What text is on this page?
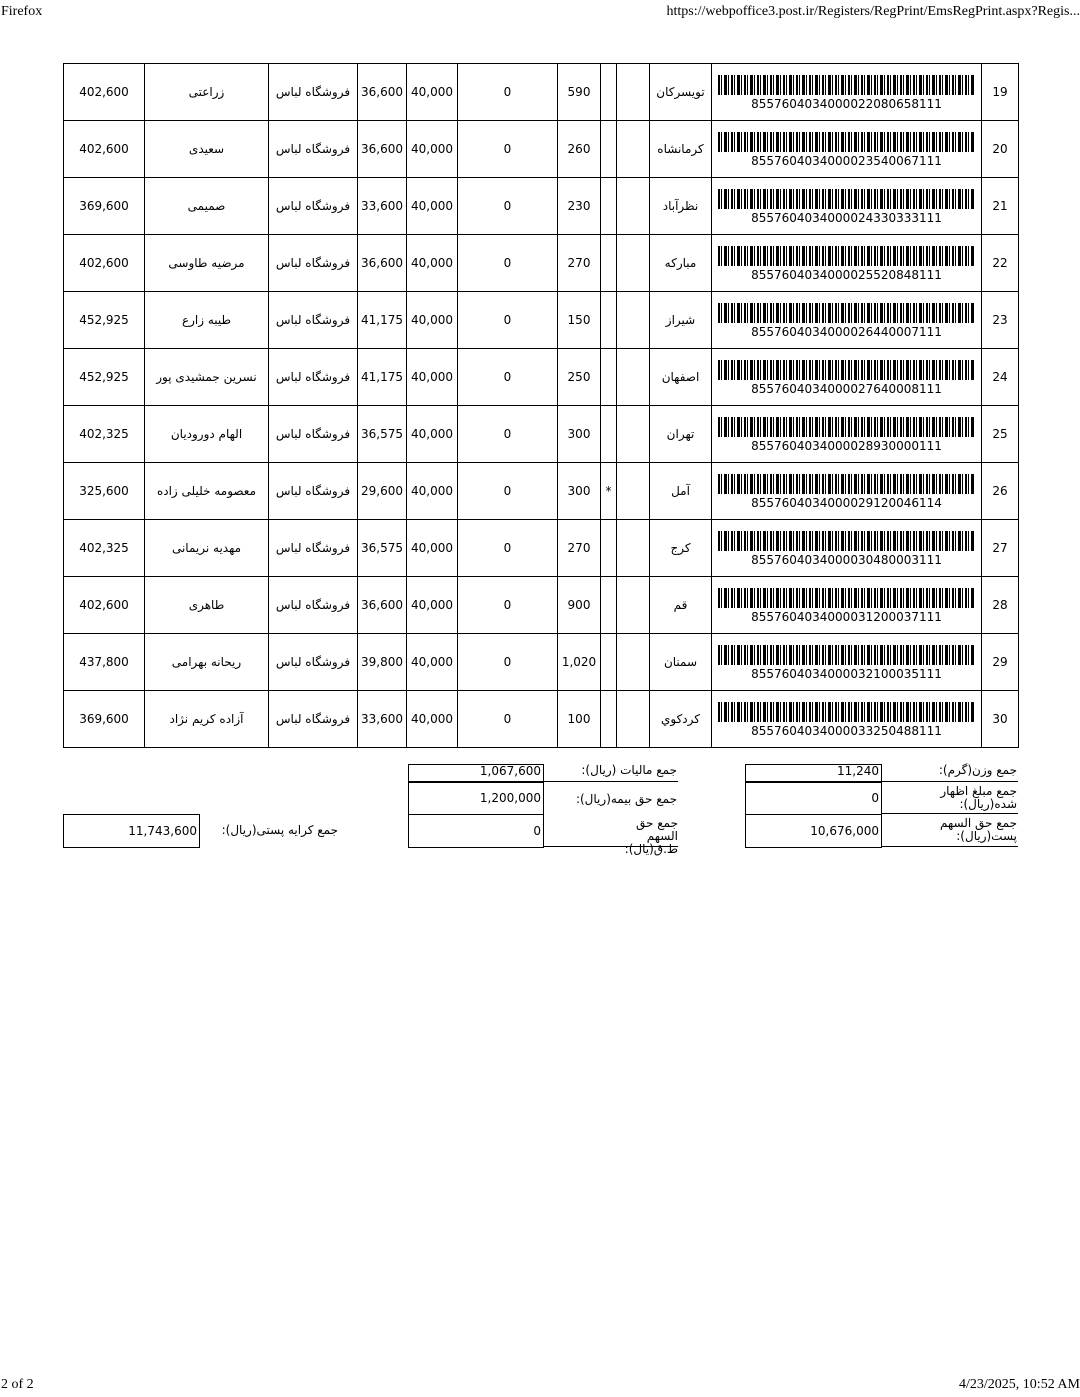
Firefox	https://webpoffice3.post.ir/Registers/RegPrint/EmsRegPrint.aspx?Regis...
402,600	زراعتی	فروشگاه لباس	36,600	40,000	0	590			تویسرکان	8557604034000022080658111	19
402,600	سعیدی	فروشگاه لباس	36,600	40,000	0	260			کرمانشاه	8557604034000023540067111	20
369,600	صمیمی	فروشگاه لباس	33,600	40,000	0	230			نظرآباد	8557604034000024330333111	21
402,600	مرضیه طاوسی	فروشگاه لباس	36,600	40,000	0	270			مبارکه	8557604034000025520848111	22
452,925	طیبه زارع	فروشگاه لباس	41,175	40,000	0	150			شیراز	8557604034000026440007111	23
452,925	نسرین جمشیدی پور	فروشگاه لباس	41,175	40,000	0	250			اصفهان	8557604034000027640008111	24
402,325	الهام دورودیان	فروشگاه لباس	36,575	40,000	0	300			تهران	8557604034000028930000111	25
325,600	معصومه خلیلی زاده	فروشگاه لباس	29,600	40,000	0	300	*		آمل	8557604034000029120046114	26
402,325	مهدیه نریمانی	فروشگاه لباس	36,575	40,000	0	270			کرج	8557604034000030480003111	27
402,600	طاهری	فروشگاه لباس	36,600	40,000	0	900			قم	8557604034000031200037111	28
437,800	ریحانه بهرامی	فروشگاه لباس	39,800	40,000	0	1,020			سمنان	8557604034000032100035111	29
369,600	آزاده کریم نژاد	فروشگاه لباس	33,600	40,000	0	100			کردکوي	8557604034000033250488111	30
جمع وزن(گرم):
11,240
جمع مبلغ اظهار شده(ریال):
0
جمع حق السهم پست(ریال):
10,676,000
جمع مالیات (ریال):
1,067,600
جمع حق بیمه(ریال):
1,200,000
جمع حق السهم ط.ق(یال):
0
جمع کرایه پستی(ریال):
11,743,600
2 of 2	4/23/2025, 10:52 AM
